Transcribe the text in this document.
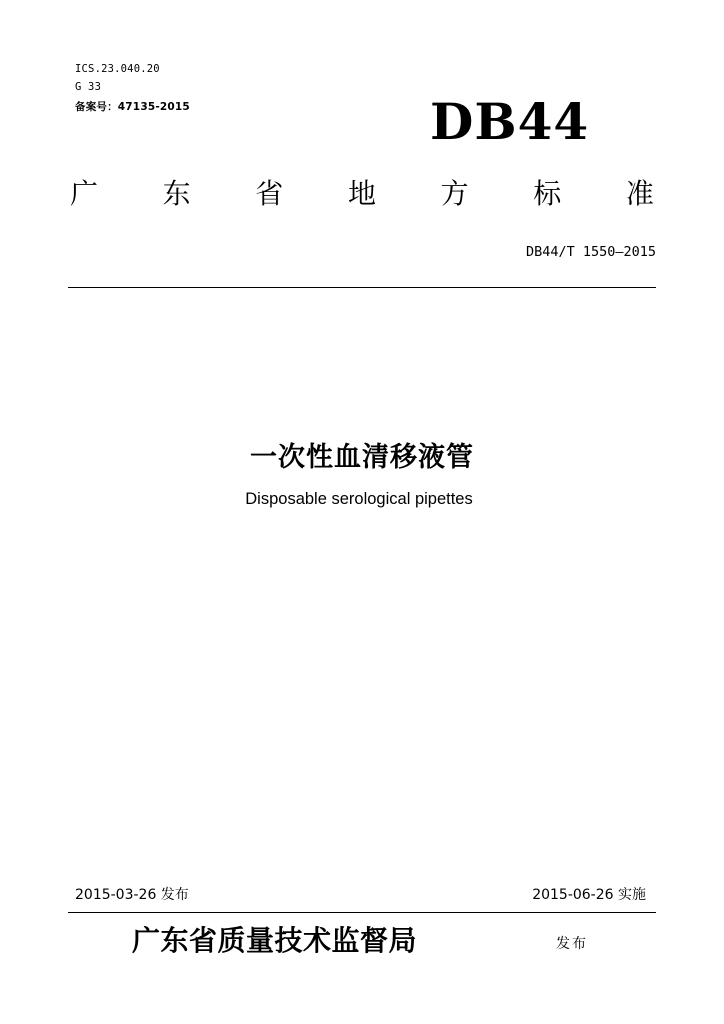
ICS.23.040.20
G 33
备案号：47135-2015	DB44
广 东 省 地 方 标 准
DB44/T 1550—2015
一次性血清移液管
Disposable serological pipettes
2015-03-26 发布	2015-06-26 实施
广东省质量技术监督局	发布
